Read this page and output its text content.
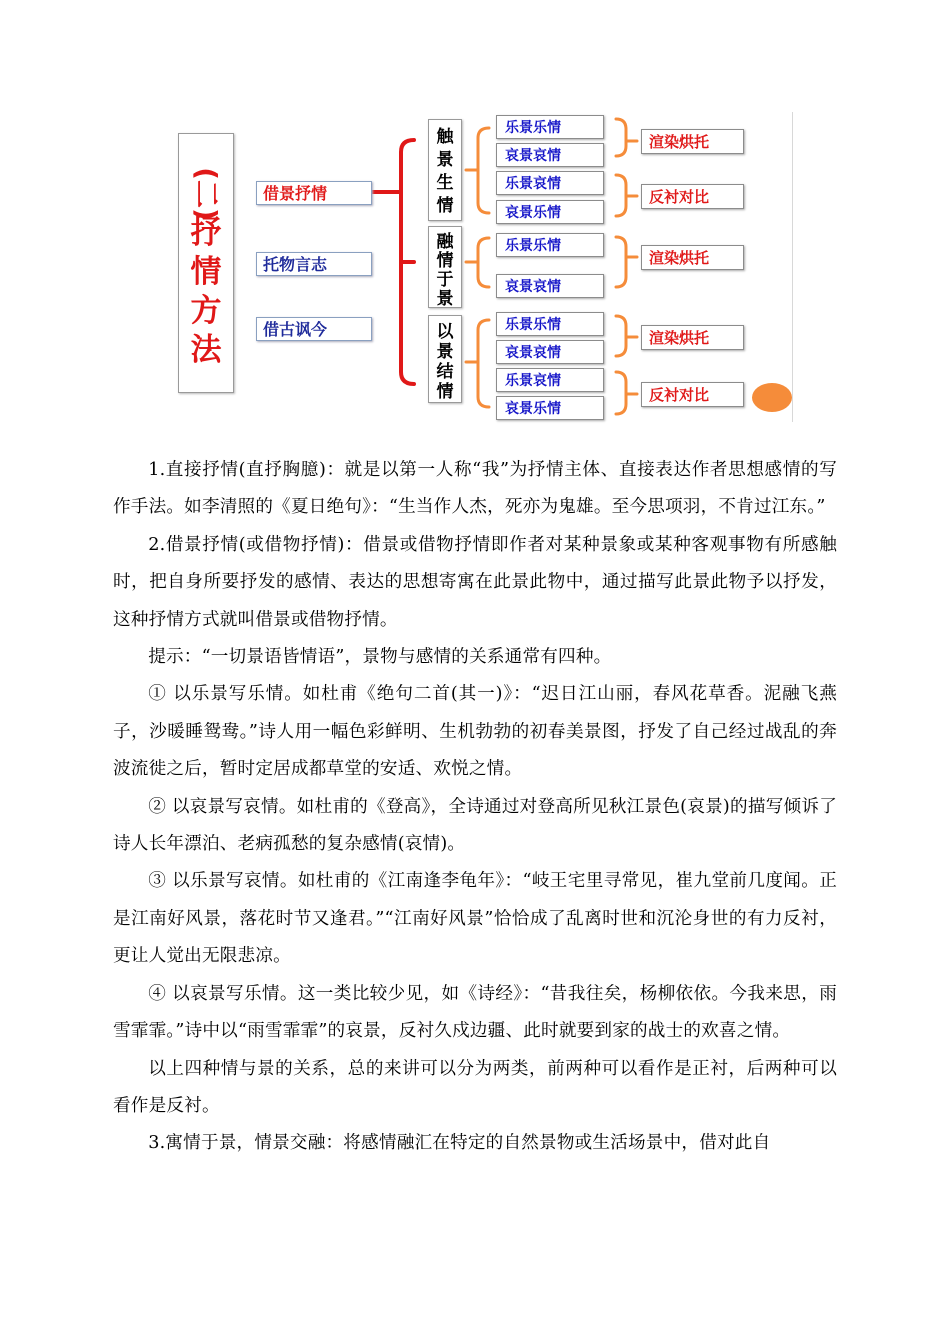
(二)
抒
情
方
法
借景抒情
托物言志
借古讽今
触
景
生
情
融
情
于
景
以
景
结
情
乐景乐情
哀景哀情
乐景哀情
哀景乐情
乐景乐情
哀景哀情
乐景乐情
哀景哀情
乐景哀情
哀景乐情
渲染烘托
反衬对比
渲染烘托
渲染烘托
反衬对比

1.直接抒情(直抒胸臆)：就是以第一人称“我”为抒情主体、直接表达作者思想感情的写作手法。如李清照的《夏日绝句》：“生当作人杰，死亦为鬼雄。至今思项羽，不肯过江东。”

2.借景抒情(或借物抒情)：借景或借物抒情即作者对某种景象或某种客观事物有所感触时，把自身所要抒发的感情、表达的思想寄寓在此景此物中，通过描写此景此物予以抒发，这种抒情方式就叫借景或借物抒情。

提示：“一切景语皆情语”，景物与感情的关系通常有四种。

① 以乐景写乐情。如杜甫《绝句二首(其一)》：“迟日江山丽，春风花草香。泥融飞燕子，沙暖睡鸳鸯。”诗人用一幅色彩鲜明、生机勃勃的初春美景图，抒发了自己经过战乱的奔波流徙之后，暂时定居成都草堂的安适、欢悦之情。

② 以哀景写哀情。如杜甫的《登高》，全诗通过对登高所见秋江景色(哀景)的描写倾诉了诗人长年漂泊、老病孤愁的复杂感情(哀情)。

③ 以乐景写哀情。如杜甫的《江南逢李龟年》：“岐王宅里寻常见，崔九堂前几度闻。正是江南好风景，落花时节又逢君。”“江南好风景”恰恰成了乱离时世和沉沦身世的有力反衬，更让人觉出无限悲凉。

④ 以哀景写乐情。这一类比较少见，如《诗经》：“昔我往矣，杨柳依依。今我来思，雨雪霏霏。”诗中以“雨雪霏霏”的哀景，反衬久戍边疆、此时就要到家的战士的欢喜之情。

以上四种情与景的关系，总的来讲可以分为两类，前两种可以看作是正衬，后两种可以看作是反衬。

3.寓情于景，情景交融：将感情融汇在特定的自然景物或生活场景中，借对此自
